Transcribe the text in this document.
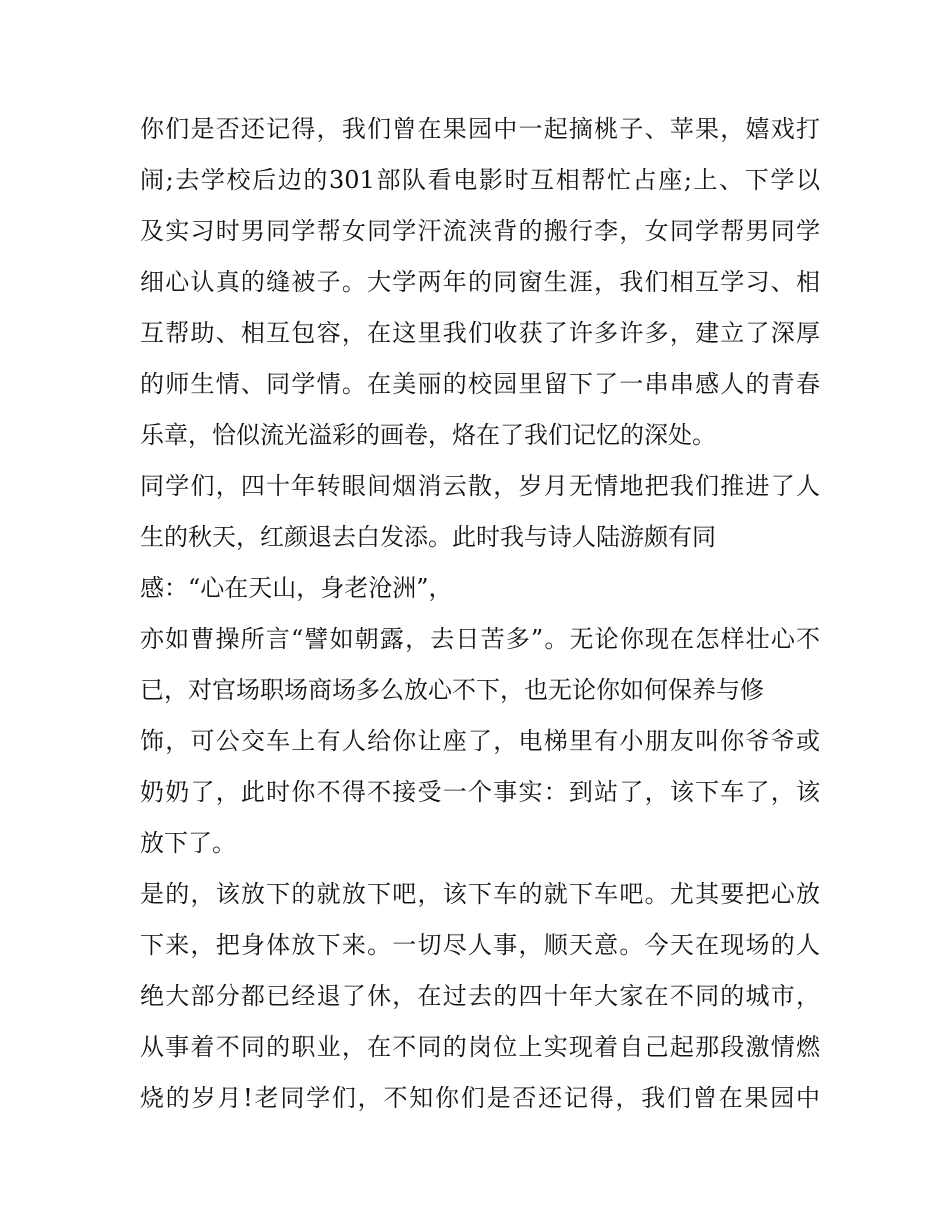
你们是否还记得，我们曾在果园中一起摘桃子、苹果，嬉戏打
闹;去学校后边的301部队看电影时互相帮忙占座;上、下学以
及实习时男同学帮女同学汗流浃背的搬行李，女同学帮男同学
细心认真的缝被子。大学两年的同窗生涯，我们相互学习、相
互帮助、相互包容，在这里我们收获了许多许多，建立了深厚
的师生情、同学情。在美丽的校园里留下了一串串感人的青春
乐章，恰似流光溢彩的画卷，烙在了我们记忆的深处。
同学们，四十年转眼间烟消云散，岁月无情地把我们推进了人
生的秋天，红颜退去白发添。此时我与诗人陆游颇有同
感：“心在天山，身老沧洲”，
亦如曹操所言“譬如朝露，去日苦多”。无论你现在怎样壮心不
已，对官场职场商场多么放心不下，也无论你如何保养与修
饰，可公交车上有人给你让座了，电梯里有小朋友叫你爷爷或
奶奶了，此时你不得不接受一个事实：到站了，该下车了，该
放下了。
是的，该放下的就放下吧，该下车的就下车吧。尤其要把心放
下来，把身体放下来。一切尽人事，顺天意。今天在现场的人
绝大部分都已经退了休，在过去的四十年大家在不同的城市，
从事着不同的职业，在不同的岗位上实现着自己起那段激情燃
烧的岁月!老同学们，不知你们是否还记得，我们曾在果园中
